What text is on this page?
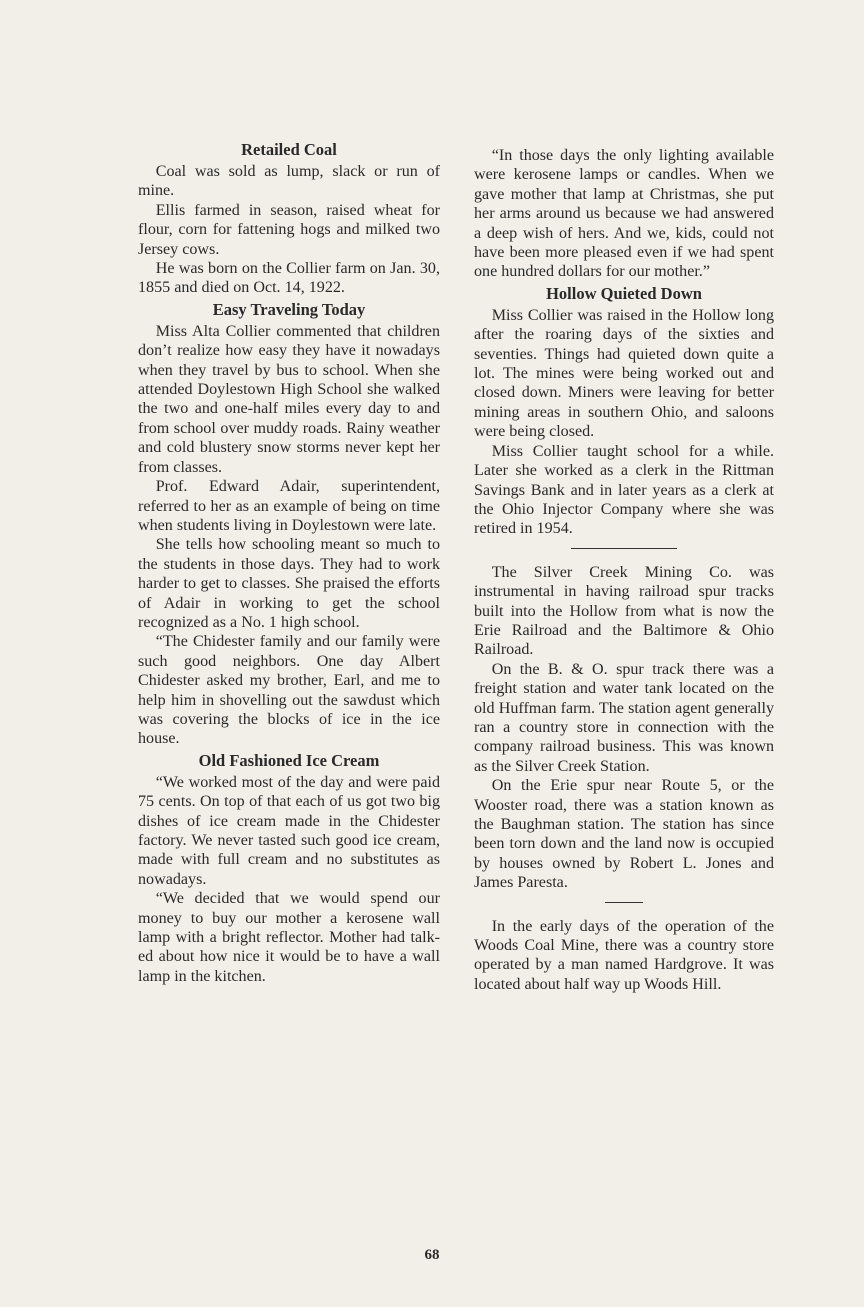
Retailed Coal

Coal was sold as lump, slack or run of mine.

Ellis farmed in season, raised wheat for flour, corn for fattening hogs and milked two Jersey cows.

He was born on the Collier farm on Jan. 30, 1855 and died on Oct. 14, 1922.

Easy Traveling Today

Miss Alta Collier commented that children don’t realize how easy they have it nowadays when they travel by bus to school. When she attended Doylestown High School she walked the two and one-half miles every day to and from school over muddy roads. Rainy weather and cold blustery snow storms never kept her from classes.

Prof. Edward Adair, superintendent, referred to her as an example of being on time when students living in Doylestown were late.

She tells how schooling meant so much to the students in those days. They had to work harder to get to classes. She praised the efforts of Adair in working to get the school recognized as a No. 1 high school.

“The Chidester family and our family were such good neighbors. One day Albert Chidester asked my brother, Earl, and me to help him in shovelling out the sawdust which was covering the blocks of ice in the ice house.

Old Fashioned Ice Cream

“We worked most of the day and were paid 75 cents. On top of that each of us got two big dishes of ice cream made in the Chidester factory. We never tasted such good ice cream, made with full cream and no substitutes as nowadays.

“We decided that we would spend our money to buy our mother a kerosene wall lamp with a bright reflector. Mother had talked about how nice it would be to have a wall lamp in the kitchen.

“In those days the only lighting available were kerosene lamps or candles. When we gave mother that lamp at Christmas, she put her arms around us because we had answered a deep wish of hers. And we, kids, could not have been more pleased even if we had spent one hundred dollars for our mother.”

Hollow Quieted Down

Miss Collier was raised in the Hollow long after the roaring days of the sixties and seventies. Things had quieted down quite a lot. The mines were being worked out and closed down. Miners were leaving for better mining areas in southern Ohio, and saloons were being closed.

Miss Collier taught school for a while. Later she worked as a clerk in the Rittman Savings Bank and in later years as a clerk at the Ohio Injector Company where she was retired in 1954.

The Silver Creek Mining Co. was instrumental in having railroad spur tracks built into the Hollow from what is now the Erie Railroad and the Baltimore & Ohio Railroad.

On the B. & O. spur track there was a freight station and water tank located on the old Huffman farm. The station agent generally ran a country store in connection with the company railroad business. This was known as the Silver Creek Station.

On the Erie spur near Route 5, or the Wooster road, there was a station known as the Baughman station. The station has since been torn down and the land now is occupied by houses owned by Robert L. Jones and James Paresta.

In the early days of the operation of the Woods Coal Mine, there was a country store operated by a man named Hardgrove. It was located about half way up Woods Hill.

68
